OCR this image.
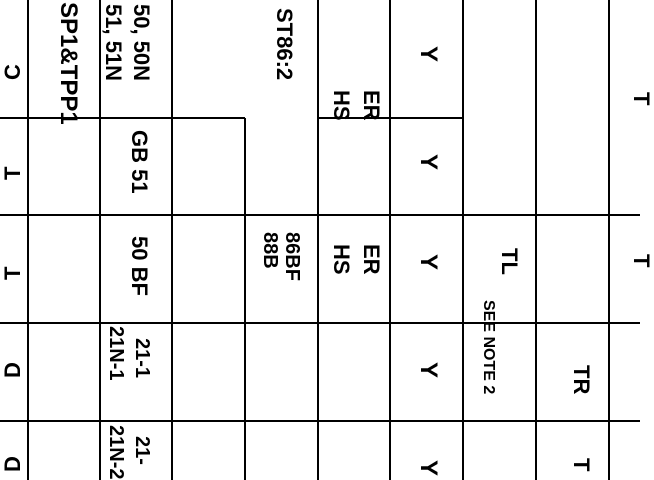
C
T
T
D
D
SP1&TPP1 50, 50N
51, 51N
GB 51
50 BF
21N-1 21-1
21N-2 21-
ST86:2
88B 86BF
HS ER
HS ER
Y
Y
Y
Y
Y
SEE NOTE 2
TL
TR
T
T
T
